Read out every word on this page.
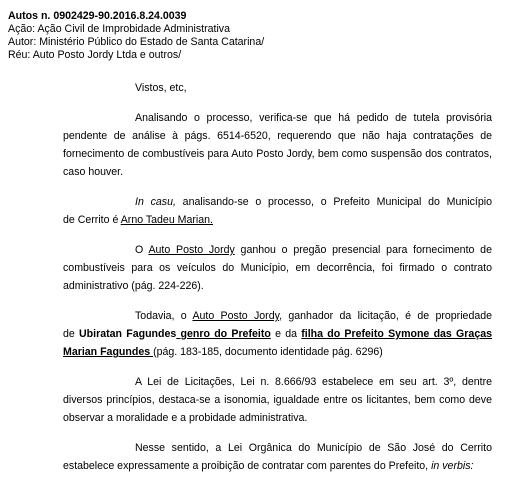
Autos n. 0902429-90.2016.8.24.0039
Ação: Ação Civil de Improbidade Administrativa
Autor: Ministério Público do Estado de Santa Catarina/
Réu: Auto Posto Jordy Ltda e outros/
Vistos, etc,
Analisando o processo, verifica-se que há pedido de tutela provisória
pendente de análise à págs. 6514-6520, requerendo que não haja contratações de
fornecimento de combustíveis para Auto Posto Jordy, bem como suspensão dos contratos,
caso houver.
In casu, analisando-se o processo, o Prefeito Municipal do Município
de Cerrito é Arno Tadeu Marian.
O Auto Posto Jordy ganhou o pregão presencial para fornecimento de
combustíveis para os veículos do Município, em decorrência, foi firmado o contrato
administrativo (pág. 224-226).
Todavia, o Auto Posto Jordy, ganhador da licitação, é de propriedade
de Ubiratan Fagundes genro do Prefeito e da filha do Prefeito Symone das Graças
Marian Fagundes (pág. 183-185, documento identidade pág. 6296)
A Lei de Licitações, Lei n. 8.666/93 estabelece em seu art. 3º, dentre
diversos princípios, destaca-se a isonomia, igualdade entre os licitantes, bem como deve
observar a moralidade e a probidade administrativa.
Nesse sentido, a Lei Orgânica do Município de São José do Cerrito
estabelece expressamente a proibição de contratar com parentes do Prefeito, in verbis:
